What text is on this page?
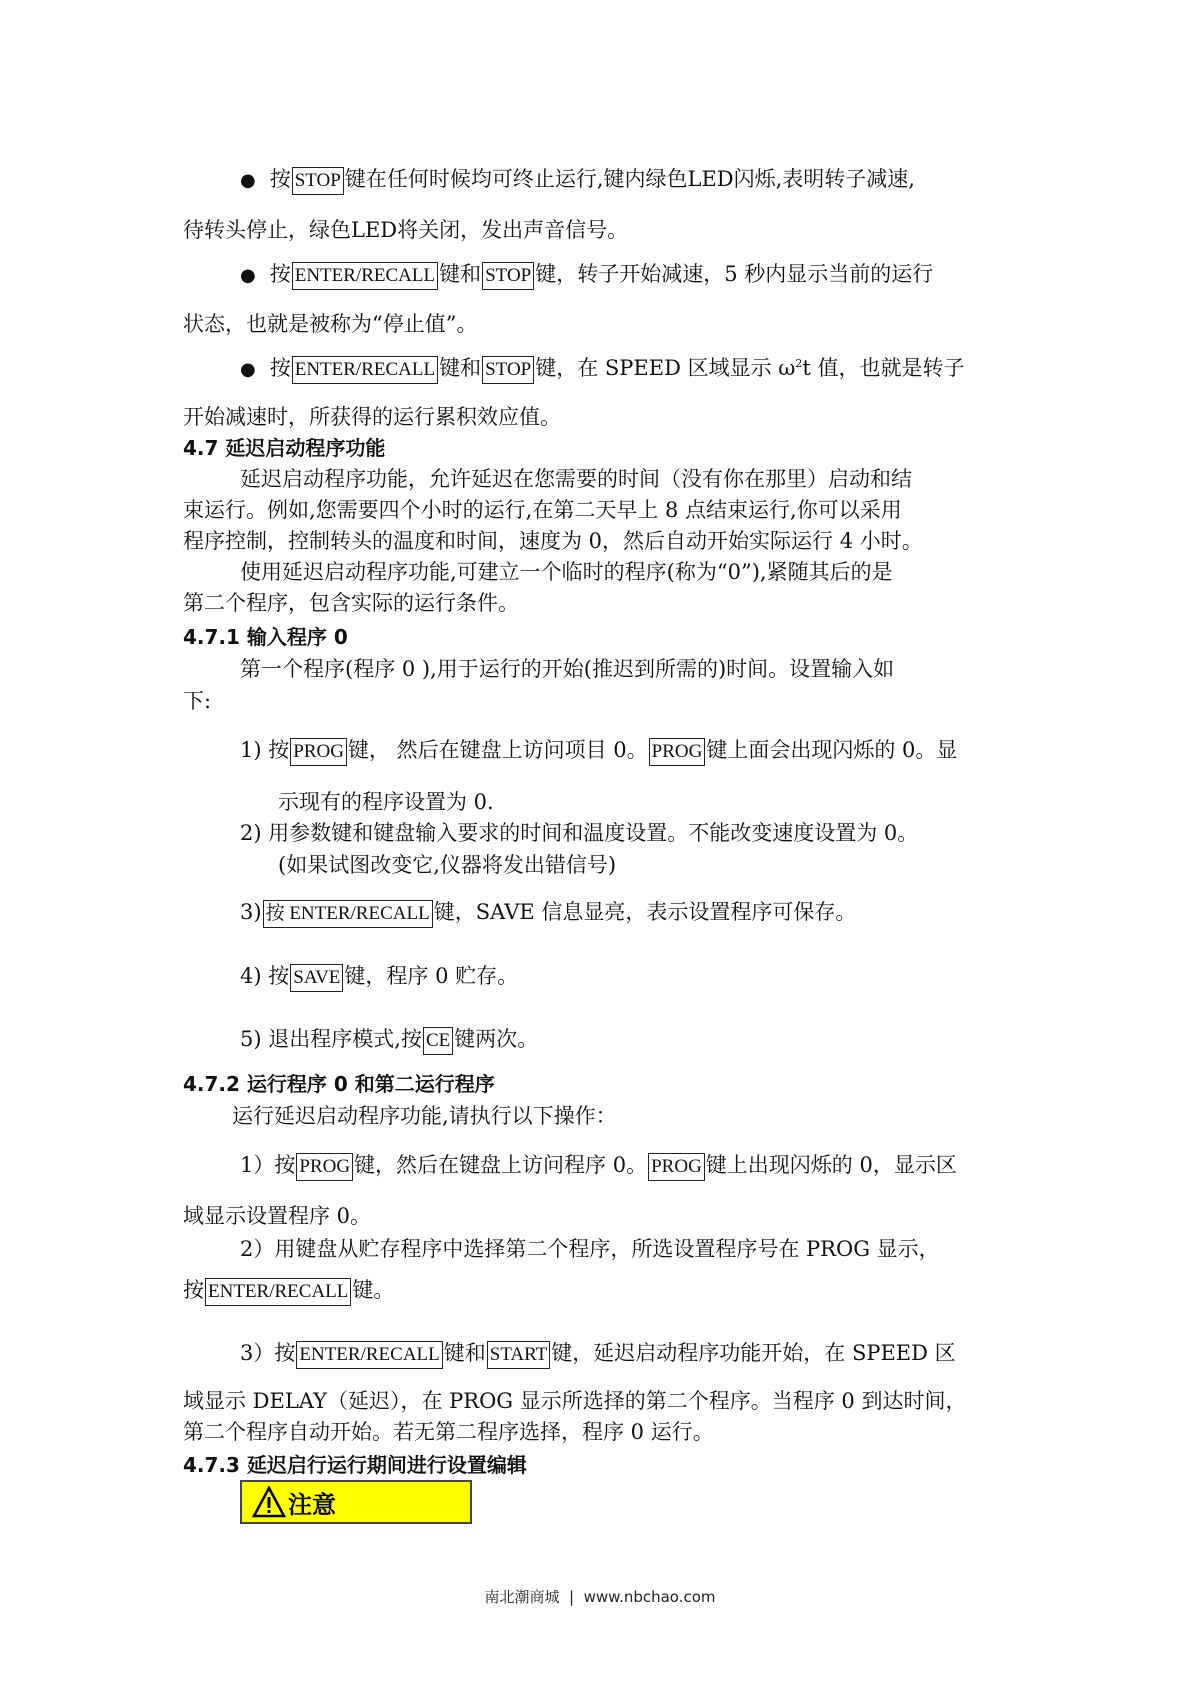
● 按 STOP 键在任何时候均可终止运行,键内绿色LED闪烁,表明转子减速,
待转头停止，绿色LED将关闭，发出声音信号。
● 按 ENTER/RECALL 键和 STOP 键，转子开始减速，5 秒内显示当前的运行
状态，也就是被称为“停止值”。
● 按 ENTER/RECALL 键和 STOP 键，在 SPEED 区域显示 $\omega^2t$ 值，也就是转子
开始减速时，所获得的运行累积效应值。
4.7 延迟启动程序功能
延迟启动程序功能，允许延迟在您需要的时间（没有你在那里）启动和结
束运行。例如,您需要四个小时的运行,在第二天早上 8 点结束运行,你可以采用
程序控制，控制转头的温度和时间，速度为 0，然后自动开始实际运行 4 小时。
使用延迟启动程序功能,可建立一个临时的程序(称为“0”),紧随其后的是
第二个程序，包含实际的运行条件。
4.7.1 输入程序 0
第一个程序(程序 0 ),用于运行的开始(推迟到所需的)时间。设置输入如
下:
1) 按 PROG 键， 然后在键盘上访问项目 0。 PROG 键上面会出现闪烁的 0。显
示现有的程序设置为 0.
2) 用参数键和键盘输入要求的时间和温度设置。不能改变速度设置为 0。
(如果试图改变它,仪器将发出错信号)
3) 按 ENTER/RECALL 键，SAVE 信息显亮，表示设置程序可保存。
4) 按 SAVE 键，程序 0 贮存。
5) 退出程序模式,按 CE 键两次。
4.7.2 运行程序 0 和第二运行程序
运行延迟启动程序功能,请执行以下操作：
1）按 PROG 键，然后在键盘上访问程序 0。 PROG 键上出现闪烁的 0，显示区
域显示设置程序 0。
2）用键盘从贮存程序中选择第二个程序，所选设置程序号在 PROG 显示，
按 ENTER/RECALL 键。
3）按 ENTER/RECALL 键和 START 键，延迟启动程序功能开始，在 SPEED 区
域显示 DELAY（延迟），在 PROG 显示所选择的第二个程序。当程序 0 到达时间，
第二个程序自动开始。若无第二程序选择，程序 0 运行。
4.7.3 延迟启行运行期间进行设置编辑
注意
南北潮商城 | www.nbchao.com
